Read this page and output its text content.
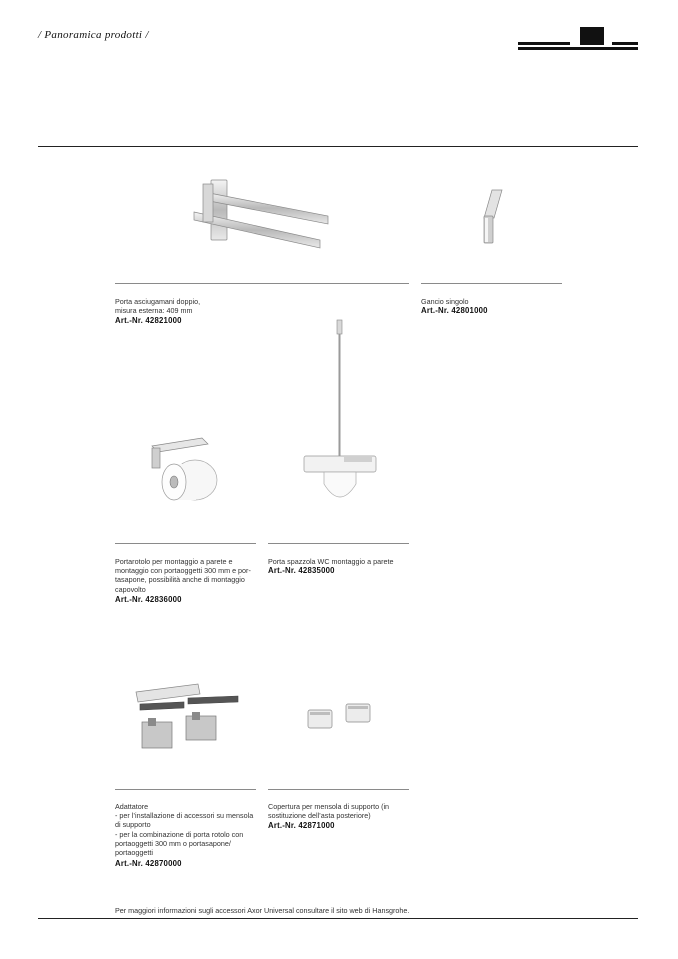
/ Panoramica prodotti /
Porta asciugamani doppio,
misura esterna: 409 mm
Art.-Nr. 42821000
Gancio singolo
Art.-Nr. 42801000
Portarotolo per montaggio a parete e
montaggio con portaoggetti 300 mm e por-
tasapone, possibilità anche di montaggio
capovolto
Art.-Nr. 42836000
Porta spazzola WC montaggio a parete
Art.-Nr. 42835000
Adattatore
- per l’installazione di accessori su mensola
di supporto
- per la combinazione di porta rotolo con
portaoggetti 300 mm o portasapone/
portaoggetti
Art.-Nr. 42870000
Copertura per mensola di supporto (in
sostituzione dell’asta posteriore)
Art.-Nr. 42871000
Per maggiori informazioni sugli accessori Axor Universal consultare il sito web di Hansgrohe.
